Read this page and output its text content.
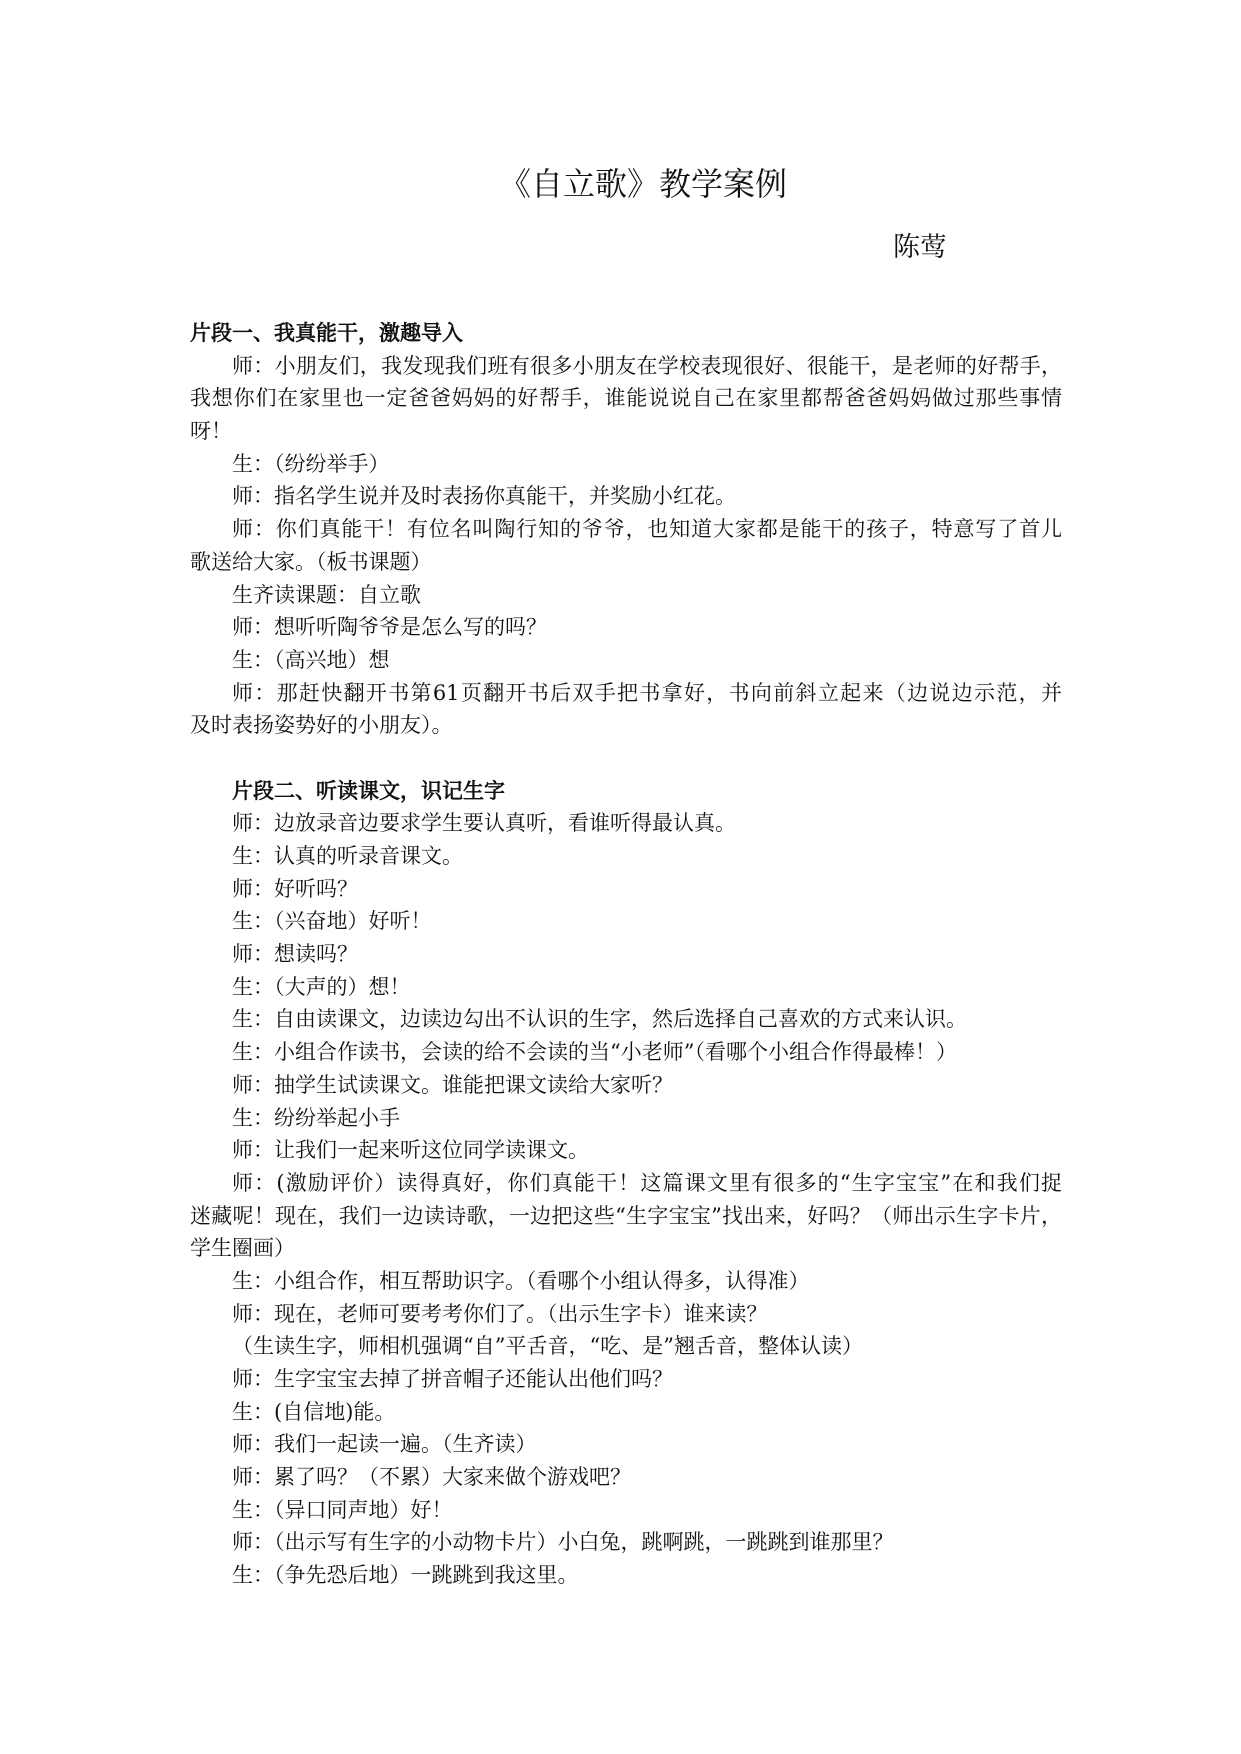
《自立歌》教学案例
陈莺
片段一、我真能干，激趣导入
师：小朋友们，我发现我们班有很多小朋友在学校表现很好、很能干，是老师的好帮手，
我想你们在家里也一定爸爸妈妈的好帮手，谁能说说自己在家里都帮爸爸妈妈做过那些事情
呀！
生：（纷纷举手）
师：指名学生说并及时表扬你真能干，并奖励小红花。
师：你们真能干！有位名叫陶行知的爷爷，也知道大家都是能干的孩子，特意写了首儿
歌送给大家。（板书课题）
生齐读课题：自立歌
师：想听听陶爷爷是怎么写的吗？
生：（高兴地）想
师：那赶快翻开书第61页翻开书后双手把书拿好，书向前斜立起来（边说边示范，并
及时表扬姿势好的小朋友）。
片段二、听读课文，识记生字
师：边放录音边要求学生要认真听，看谁听得最认真。
生：认真的听录音课文。
师：好听吗？
生：（兴奋地）好听！
师：想读吗？
生：（大声的）想！
生：自由读课文，边读边勾出不认识的生字，然后选择自己喜欢的方式来认识。
生：小组合作读书，会读的给不会读的当“小老师”（看哪个小组合作得最棒！）
师：抽学生试读课文。谁能把课文读给大家听？
生：纷纷举起小手
师：让我们一起来听这位同学读课文。
师：(激励评价）读得真好，你们真能干！这篇课文里有很多的“生字宝宝”在和我们捉
迷藏呢！现在，我们一边读诗歌，一边把这些“生字宝宝”找出来，好吗？（师出示生字卡片，
学生圈画）
生：小组合作，相互帮助识字。（看哪个小组认得多，认得准）
师：现在，老师可要考考你们了。（出示生字卡）谁来读？
（生读生字，师相机强调“自”平舌音，“吃、是”翘舌音，整体认读）
师：生字宝宝去掉了拼音帽子还能认出他们吗？
生：(自信地)能。
师：我们一起读一遍。（生齐读）
师：累了吗？（不累）大家来做个游戏吧？
生：（异口同声地）好！
师：（出示写有生字的小动物卡片）小白兔，跳啊跳，一跳跳到谁那里？
生：（争先恐后地）一跳跳到我这里。
